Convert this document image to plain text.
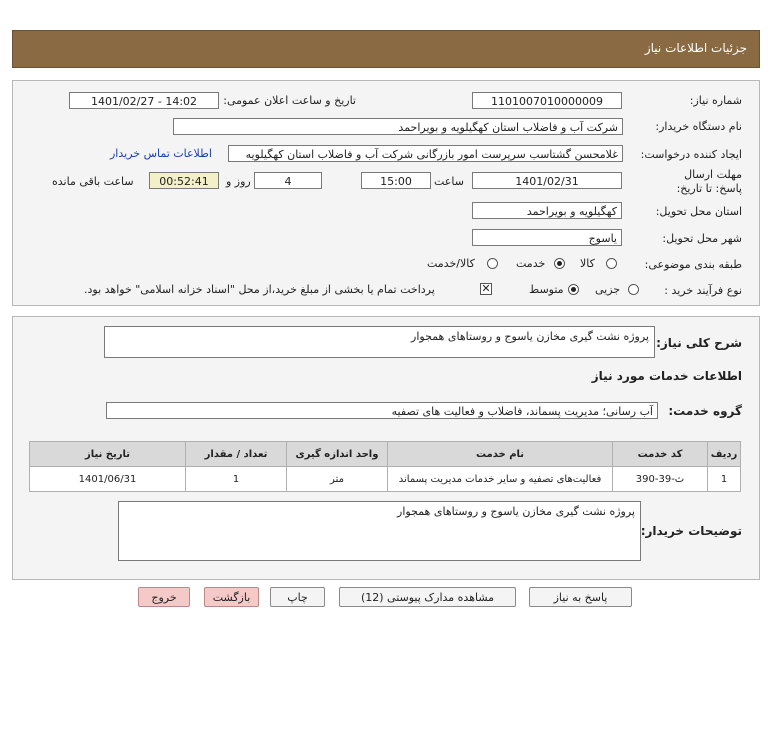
جزئیات اطلاعات نیاز
شماره نیاز:
1101007010000009
تاریخ و ساعت اعلان عمومی:
1401/02/27 - 14:02
نام دستگاه خریدار:
شرکت آب و فاضلاب استان کهگیلویه و بویراحمد
ایجاد کننده درخواست:
غلامحسن گشتاسب سرپرست امور بازرگانی شرکت آب و فاضلاب استان کهگیلویه
اطلاعات تماس خریدار
مهلت ارسال پاسخ: تا تاریخ:
1401/02/31
ساعت
15:00
4
روز و
00:52:41
ساعت باقی مانده
استان محل تحویل:
کهگیلویه و بویراحمد
شهر محل تحویل:
یاسوج
طبقه بندی موضوعی:
کالا
خدمت
کالا/خدمت
نوع فرآیند خرید :
جزیی
متوسط
✕
پرداخت تمام یا بخشی از مبلغ خرید،از محل "اسناد خزانه اسلامی" خواهد بود.
شرح کلی نیاز:
پروژه نشت گیری مخازن یاسوج و روستاهای همجوار
اطلاعات خدمات مورد نیاز
گروه خدمت:
آب رسانی؛ مدیریت پسماند، فاضلاب و فعالیت های تصفیه
ردیف	کد خدمت	نام خدمت	واحد اندازه گیری	تعداد / مقدار	تاریخ نیاز
1	ث-39-390	فعالیت‌های تصفیه و سایر خدمات مدیریت پسماند	متر	1	1401/06/31
توضیحات خریدار:
پروژه نشت گیری مخازن یاسوج و روستاهای همجوار
پاسخ به نیاز
مشاهده مدارک پیوستی (12)
چاپ
بازگشت
خروج
